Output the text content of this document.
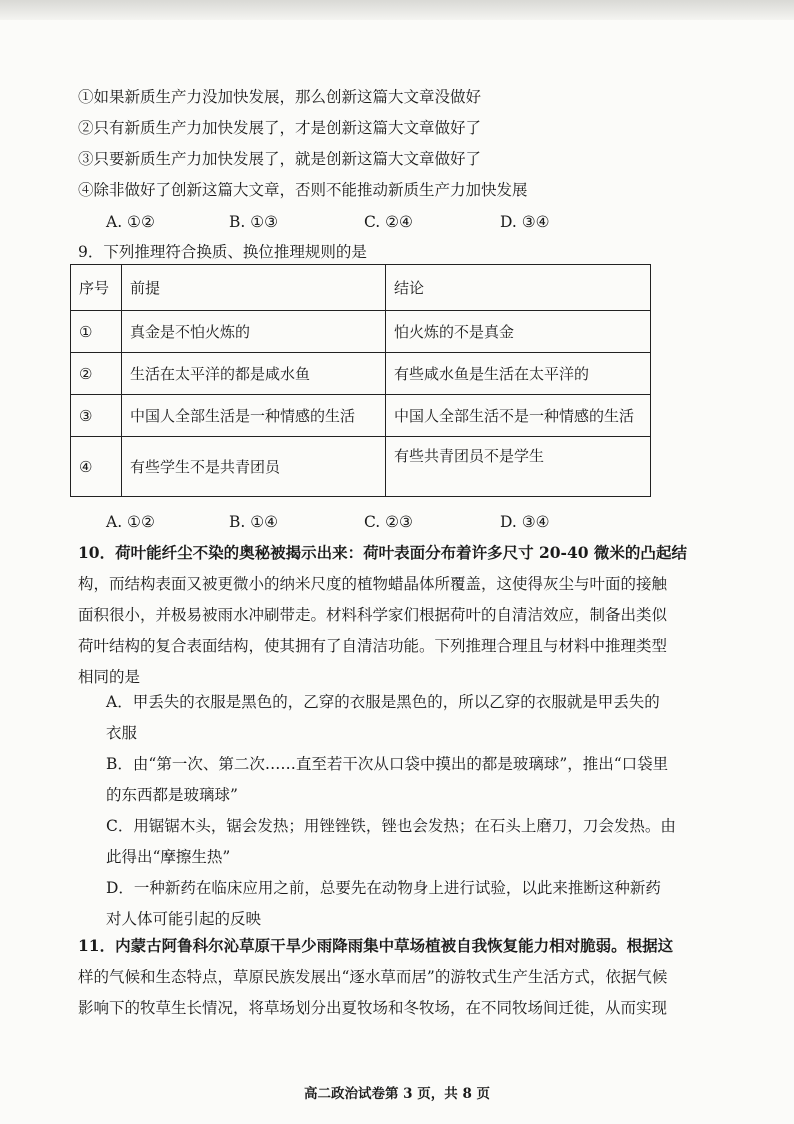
①如果新质生产力没加快发展，那么创新这篇大文章没做好
②只有新质生产力加快发展了，才是创新这篇大文章做好了
③只要新质生产力加快发展了，就是创新这篇大文章做好了
④除非做好了创新这篇大文章，否则不能推动新质生产力加快发展
A. ①②	B. ①③	C. ②④	D. ③④
9．下列推理符合换质、换位推理规则的是
序号	前提	结论
①	真金是不怕火炼的	怕火炼的不是真金
②	生活在太平洋的都是咸水鱼	有些咸水鱼是生活在太平洋的
③	中国人全部生活是一种情感的生活	中国人全部生活不是一种情感的生活
④	有些学生不是共青团员	有些共青团员不是学生
A. ①②	B. ①④	C. ②③	D. ③④
10．荷叶能纤尘不染的奥秘被揭示出来：荷叶表面分布着许多尺寸 20-40 微米的凸起结
构，而结构表面又被更微小的纳米尺度的植物蜡晶体所覆盖，这使得灰尘与叶面的接触
面积很小，并极易被雨水冲刷带走。材料科学家们根据荷叶的自清洁效应，制备出类似
荷叶结构的复合表面结构，使其拥有了自清洁功能。下列推理合理且与材料中推理类型
相同的是
A．甲丢失的衣服是黑色的，乙穿的衣服是黑色的，所以乙穿的衣服就是甲丢失的
衣服
B．由“第一次、第二次……直至若干次从口袋中摸出的都是玻璃球”，推出“口袋里
的东西都是玻璃球”
C．用锯锯木头，锯会发热；用锉锉铁，锉也会发热；在石头上磨刀，刀会发热。由
此得出“摩擦生热”
D．一种新药在临床应用之前，总要先在动物身上进行试验，以此来推断这种新药
对人体可能引起的反映
11．内蒙古阿鲁科尔沁草原干旱少雨降雨集中草场植被自我恢复能力相对脆弱。根据这
样的气候和生态特点，草原民族发展出“逐水草而居”的游牧式生产生活方式，依据气候
影响下的牧草生长情况，将草场划分出夏牧场和冬牧场，在不同牧场间迁徙，从而实现
高二政治试卷第 3 页，共 8 页
